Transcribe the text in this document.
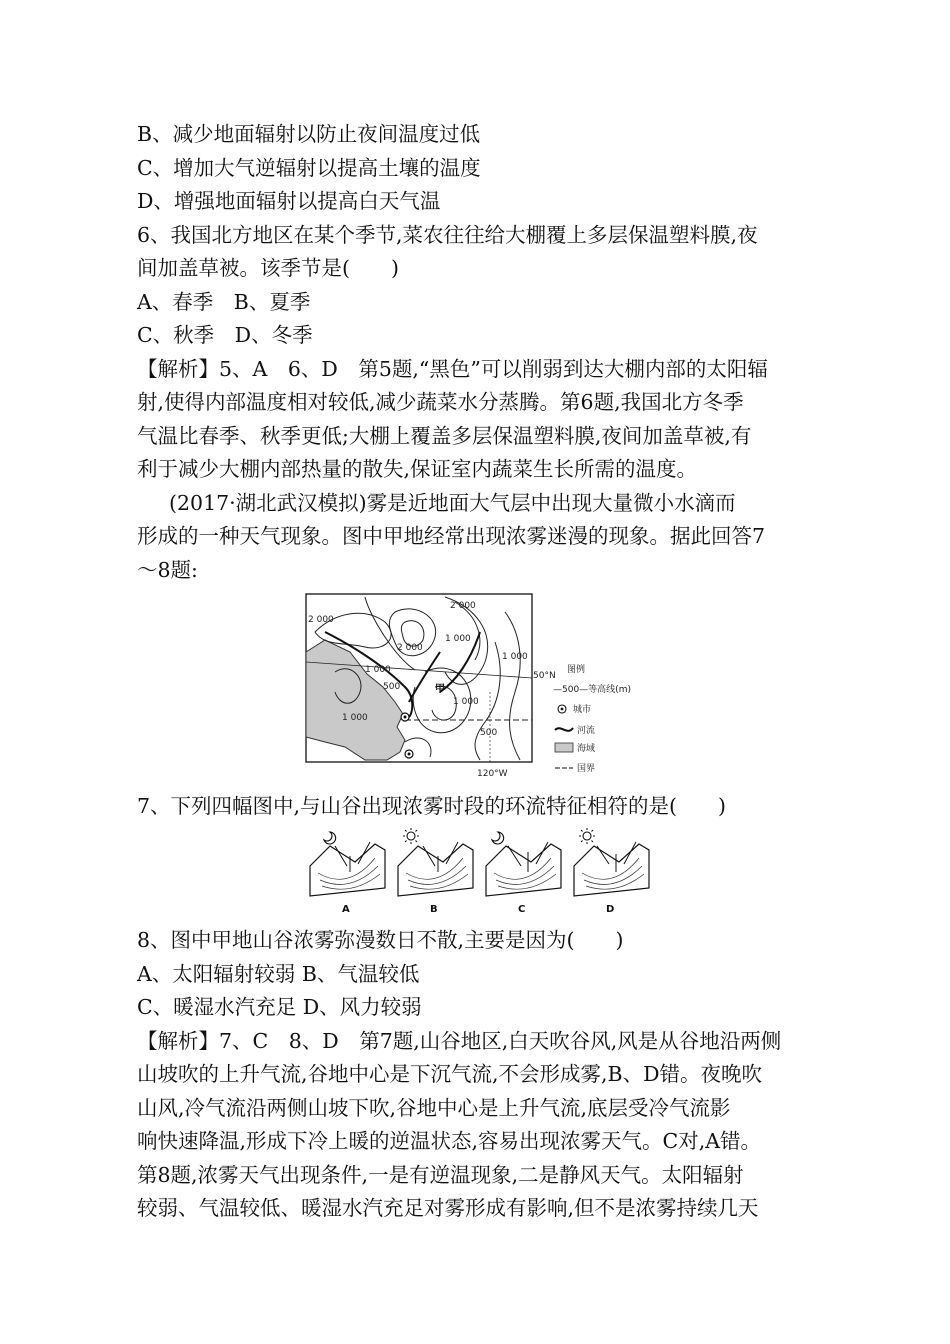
B、减少地面辐射以防止夜间温度过低
C、增加大气逆辐射以提高土壤的温度
D、增强地面辐射以提高白天气温
6、我国北方地区在某个季节,菜农往往给大棚覆上多层保温塑料膜,夜
间加盖草被。该季节是(　　)
A、春季　B、夏季
C、秋季　D、冬季
【解析】5、A　6、D　第5题,“黑色”可以削弱到达大棚内部的太阳辐
射,使得内部温度相对较低,减少蔬菜水分蒸腾。第6题,我国北方冬季
气温比春季、秋季更低;大棚上覆盖多层保温塑料膜,夜间加盖草被,有
利于减少大棚内部热量的散失,保证室内蔬菜生长所需的温度。
(2017·湖北武汉模拟)雾是近地面大气层中出现大量微小水滴而
形成的一种天气现象。图中甲地经常出现浓雾迷漫的现象。据此回答7
～8题:
2 000
2 000
2 000
1 000
1 000
1 000
500
1 000
1 000
500
甲
50°N
120°W
图例
—500—等高线(m)
城市
河流
海域
国界
7、下列四幅图中,与山谷出现浓雾时段的环流特征相符的是(　　)
A	B	C	D
8、图中甲地山谷浓雾弥漫数日不散,主要是因为(　　)
A、太阳辐射较弱 B、气温较低
C、暖湿水汽充足 D、风力较弱
【解析】7、C　8、D　第7题,山谷地区,白天吹谷风,风是从谷地沿两侧
山坡吹的上升气流,谷地中心是下沉气流,不会形成雾,B、D错。夜晚吹
山风,冷气流沿两侧山坡下吹,谷地中心是上升气流,底层受冷气流影
响快速降温,形成下冷上暖的逆温状态,容易出现浓雾天气。C对,A错。
第8题,浓雾天气出现条件,一是有逆温现象,二是静风天气。太阳辐射
较弱、气温较低、暖湿水汽充足对雾形成有影响,但不是浓雾持续几天
